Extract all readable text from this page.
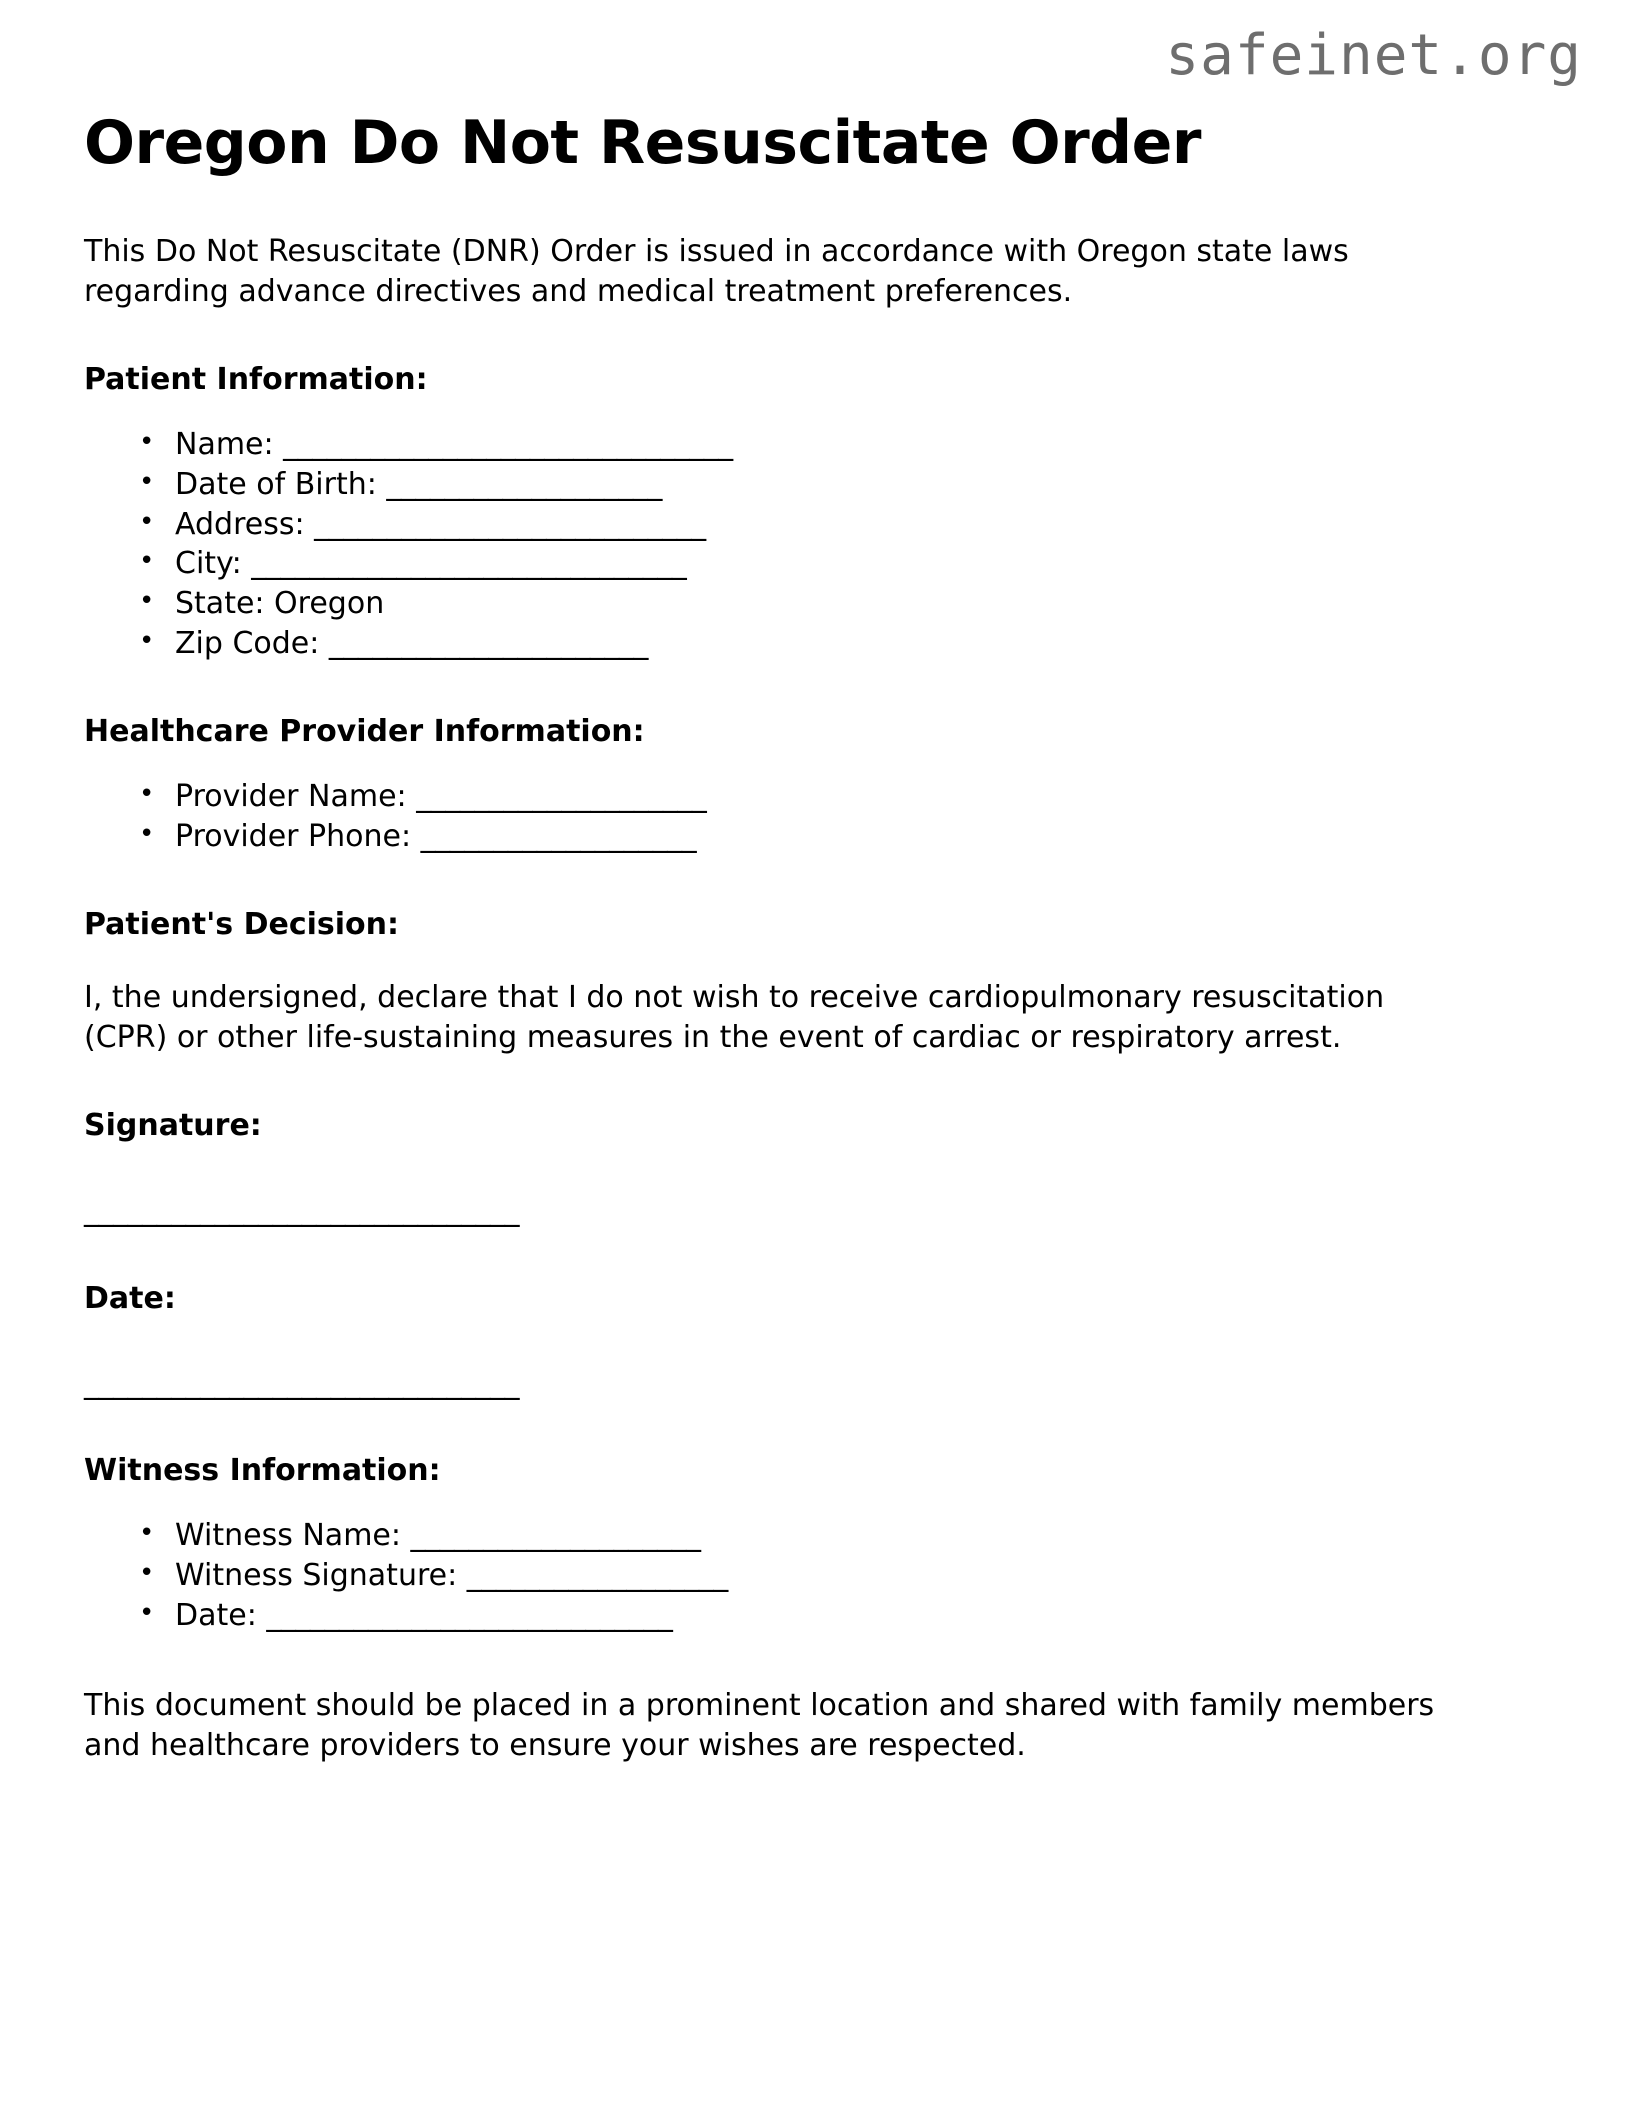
safeinet.org
Oregon Do Not Resuscitate Order

This Do Not Resuscitate (DNR) Order is issued in accordance with Oregon state laws regarding advance directives and medical treatment preferences.

Patient Information:
• Name: _______________________________
• Date of Birth: ___________________
• Address: ___________________________
• City: ______________________________
• State: Oregon
• Zip Code: ______________________
Healthcare Provider Information:
• Provider Name: ____________________
• Provider Phone: ___________________
Patient's Decision:

I, the undersigned, declare that I do not wish to receive cardiopulmonary resuscitation (CPR) or other life-sustaining measures in the event of cardiac or respiratory arrest.

Signature:
______________________________
Date:
______________________________
Witness Information:
• Witness Name: ____________________
• Witness Signature: __________________
• Date: ____________________________

This document should be placed in a prominent location and shared with family members and healthcare providers to ensure your wishes are respected.
